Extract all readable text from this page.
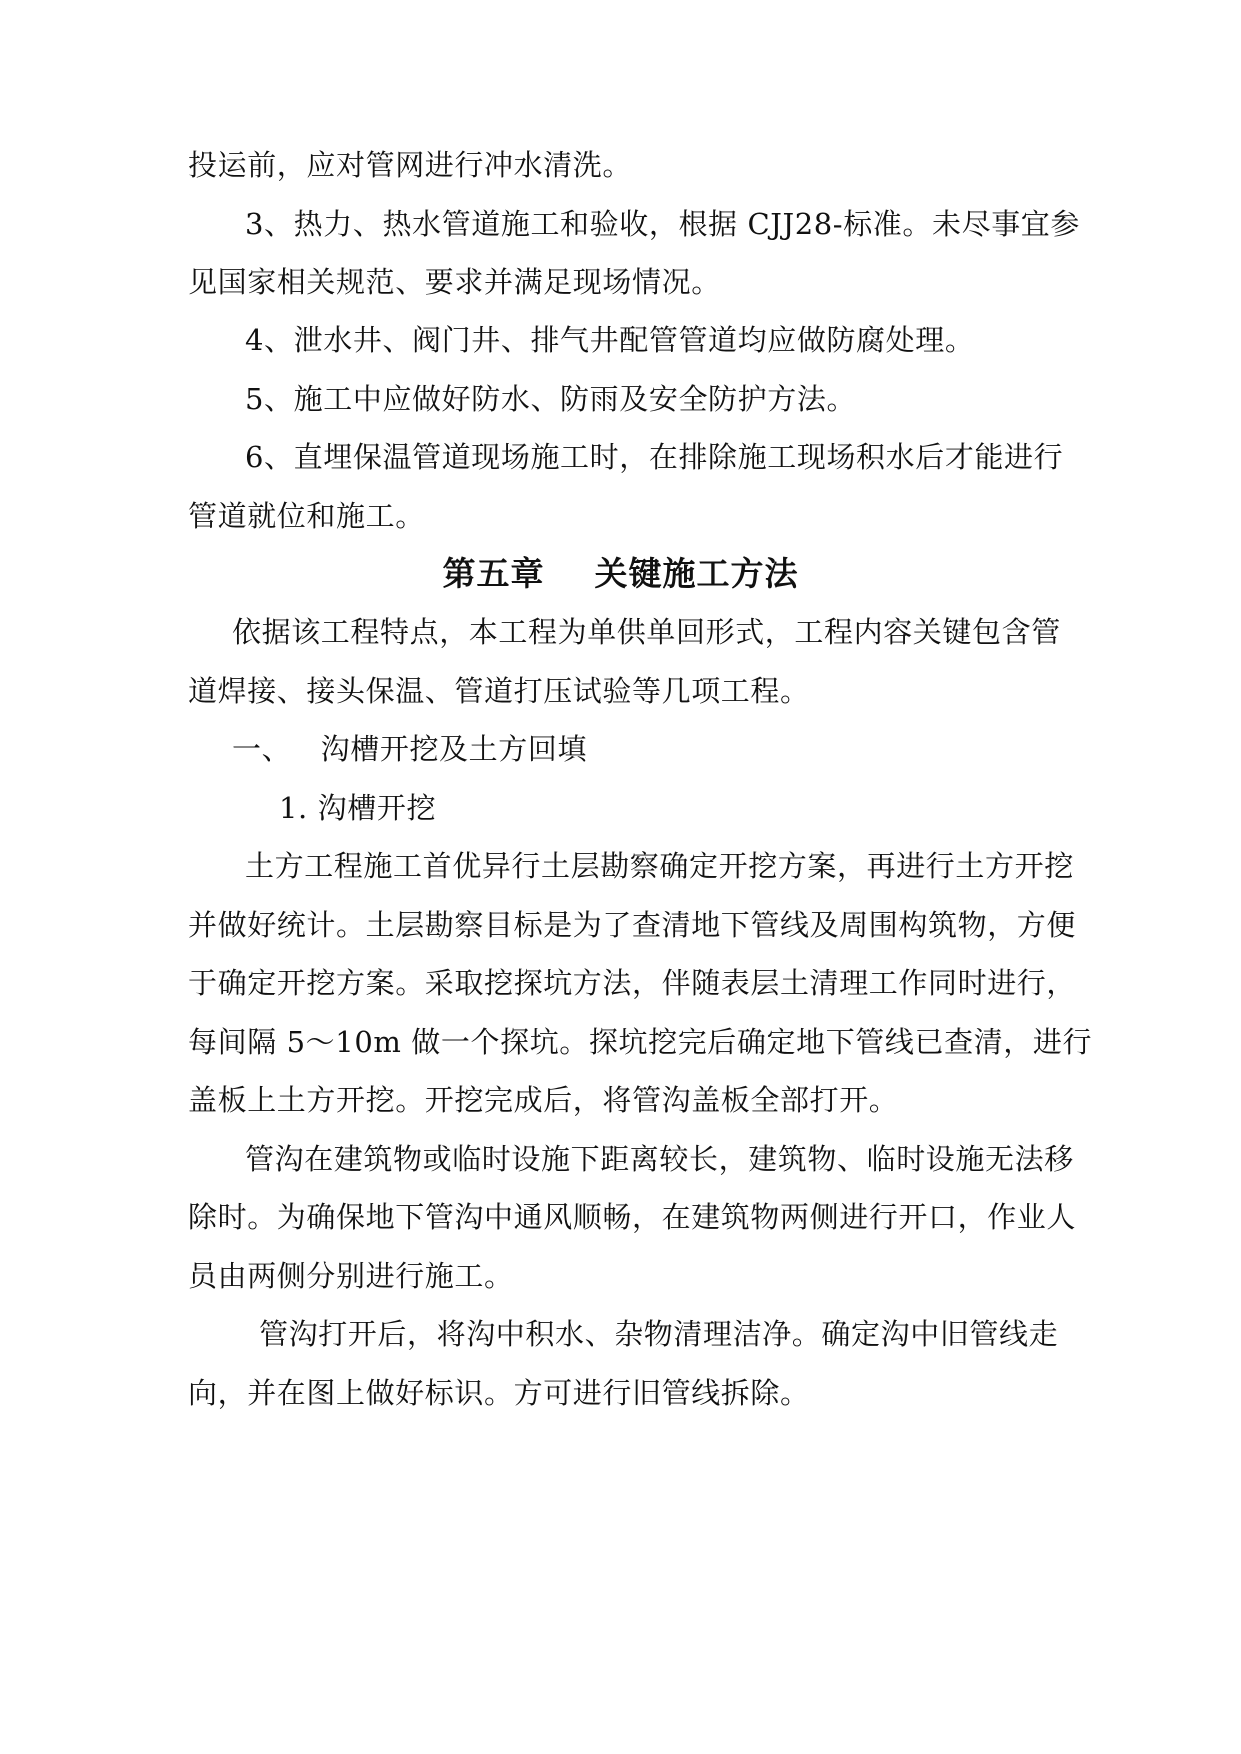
投运前，应对管网进行冲水清洗。
3、热力、热水管道施工和验收，根据 CJJ28-标准。未尽事宜参
见国家相关规范、要求并满足现场情况。
4、泄水井、阀门井、排气井配管管道均应做防腐处理。
5、施工中应做好防水、防雨及安全防护方法。
6、直埋保温管道现场施工时，在排除施工现场积水后才能进行
管道就位和施工。
第五章    关键施工方法
依据该工程特点，本工程为单供单回形式，工程内容关键包含管
道焊接、接头保温、管道打压试验等几项工程。
一、   沟槽开挖及土方回填
1. 沟槽开挖
土方工程施工首优异行土层勘察确定开挖方案，再进行土方开挖
并做好统计。土层勘察目标是为了查清地下管线及周围构筑物，方便
于确定开挖方案。采取挖探坑方法，伴随表层土清理工作同时进行，
每间隔 5～10m 做一个探坑。探坑挖完后确定地下管线已查清，进行
盖板上土方开挖。开挖完成后，将管沟盖板全部打开。
管沟在建筑物或临时设施下距离较长，建筑物、临时设施无法移
除时。为确保地下管沟中通风顺畅，在建筑物两侧进行开口，作业人
员由两侧分别进行施工。
管沟打开后，将沟中积水、杂物清理洁净。确定沟中旧管线走
向，并在图上做好标识。方可进行旧管线拆除。
